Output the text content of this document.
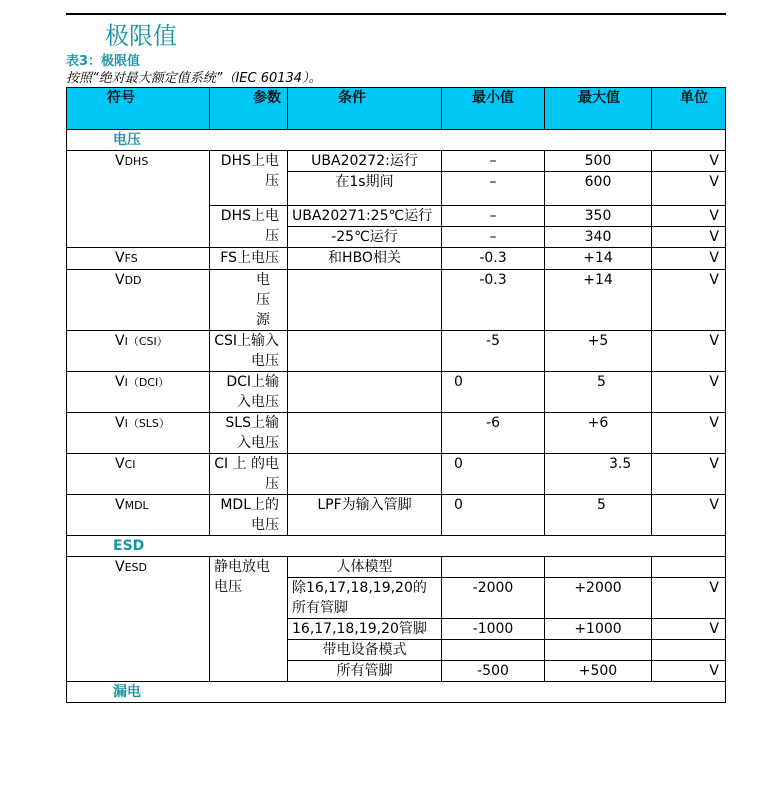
极限值
表3：极限值
按照“绝对最大额定值系统”（IEC 60134）。
符号	参数	条件	最小值	最大值	单位
电压					
VDHS	DHS上电压	UBA20272:运行	–	500	V
		在1s期间	–	600	V
	DHS上电压	UBA20271:25℃运行	–	350	V
		-25℃运行	–	340	V
VFS	FS上电压	和HBO相关	-0.3	+14	V
VDD	电压源		-0.3	+14	V
VI（CSI）	CSI上输入电压		-5	+5	V
VI（DCI）	DCI上输入电压		0	5	V
VI（SLS）	SLS上输入电压		-6	+6	V
VCI	CI 上 的电压		0	3.5	V
VMDL	MDL上的电压	LPF为输入管脚	0	5	V
ESD					
VESD	静电放电电压	人体模型			
		除16,17,18,19,20的所有管脚	-2000	+2000	V
		16,17,18,19,20管脚	-1000	+1000	V
		带电设备模式			
		所有管脚	-500	+500	V
漏电					
